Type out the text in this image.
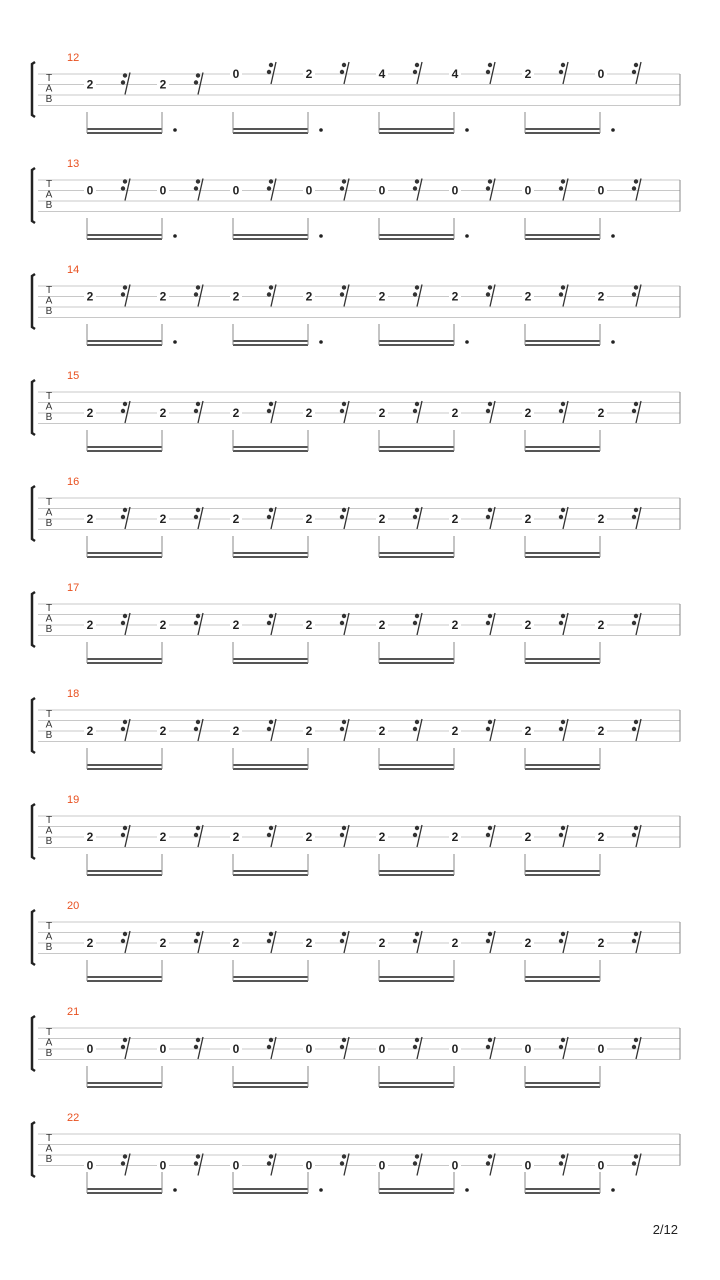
T
A
B
12
2	2
0	2	4	4	2	0
T
A
B
13
0	0	0	0	0	0	0	0
T
A
B
14
2	2	2	2	2	2	2	2
T
A
B
15
2	2	2	2	2	2	2	2
T
A
B
16
2	2	2	2	2	2	2	2
T
A
B
17
2	2	2	2	2	2	2	2
T
A
B
18
2	2	2	2	2	2	2	2
T
A
B
19
2	2	2	2	2	2	2	2
T
A
B
20
2	2	2	2	2	2	2	2
T
A
B
21
0	0	0	0	0	0	0	0
T
A
B
22
0	0	0	0	0	0	0	0
2/12
